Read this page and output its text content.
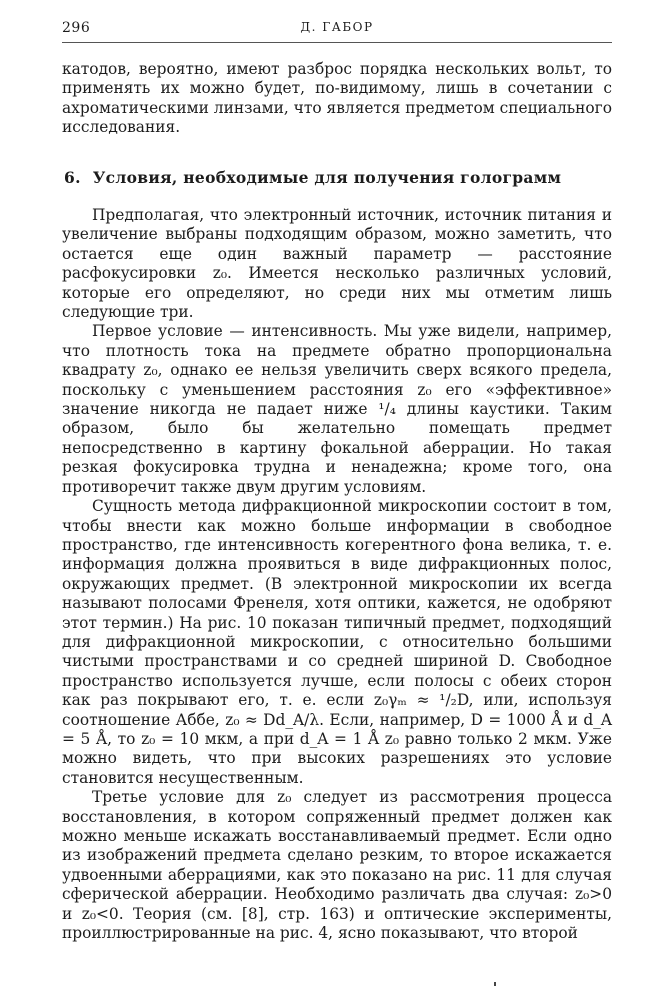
296	Д. ГАБОР

катодов, вероятно, имеют разброс порядка нескольких вольт, то применять их можно будет, по-видимому, лишь в сочетании с ахроматическими линзами, что является предметом специального исследования.

6. Условия, необходимые для получения голограмм

Предполагая, что электронный источник, источник питания и увеличение выбраны подходящим образом, можно заметить, что остается еще один важный параметр — расстояние расфокусировки z₀. Имеется несколько различных условий, которые его определяют, но среди них мы отметим лишь следующие три.

Первое условие — интенсивность. Мы уже видели, например, что плотность тока на предмете обратно пропорциональна квадрату z₀, однако ее нельзя увеличить сверх всякого предела, поскольку с уменьшением расстояния z₀ его «эффективное» значение никогда не падает ниже ¹/₄ длины каустики. Таким образом, было бы желательно помещать предмет непосредственно в картину фокальной аберрации. Но такая резкая фокусировка трудна и ненадежна; кроме того, она противоречит также двум другим условиям.

Сущность метода дифракционной микроскопии состоит в том, чтобы внести как можно больше информации в свободное пространство, где интенсивность когерентного фона велика, т. е. информация должна проявиться в виде дифракционных полос, окружающих предмет. (В электронной микроскопии их всегда называют полосами Френеля, хотя оптики, кажется, не одобряют этот термин.) На рис. 10 показан типичный предмет, подходящий для дифракционной микроскопии, с относительно большими чистыми пространствами и со средней шириной D. Свободное пространство используется лучше, если полосы с обеих сторон как раз покрывают его, т. е. если z₀γₘ ≈ ¹/₂D, или, используя соотношение Аббе, z₀ ≈ Dd_A/λ. Если, например, D = 1000 Å и d_A = 5 Å, то z₀ = 10 мкм, а при d_A = 1 Å z₀ равно только 2 мкм. Уже можно видеть, что при высоких разрешениях это условие становится несущественным.

Третье условие для z₀ следует из рассмотрения процесса восстановления, в котором сопряженный предмет должен как можно меньше искажать восстанавливаемый предмет. Если одно из изображений предмета сделано резким, то второе искажается удвоенными аберрациями, как это показано на рис. 11 для случая сферической аберрации. Необходимо различать два случая: z₀>0 и z₀<0. Теория (см. [8], стр. 163) и оптические эксперименты, проиллюстрированные на рис. 4, ясно показывают, что второй
